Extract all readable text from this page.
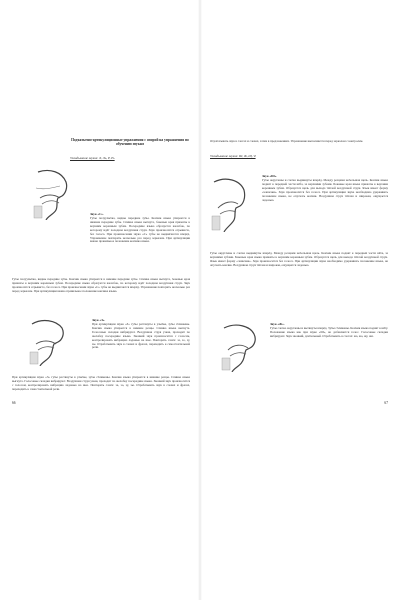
Подъязычно-артикуляционные упражнения с опорой на упражнения по обучению звукам
Укладывание звуков: Л, Ль, Р, Рь
Звук «С».
Губы полуулыбка, видны передние зубы. Кончик языка упирается в нижние передние зубы. Спинка языка выгнута, боковые края прижаты к верхним коренным зубам. Посередине языка образуется желобок, по которому идёт холодная воздушная струя. Звук произносится отрывисто, без голоса. При произнесении звука «С» губы не выдвигаются вперёд. Упражнение повторить несколько раз перед зеркалом. При артикуляции важно правильное положение кончика языка.
Губы полуулыбка, видны передние зубы. Кончик языка упирается в нижние передние зубы. Спинка языка выгнута, боковые края прижаты к верхним коренным зубам. Посередине языка образуется желобок, по которому идёт холодная воздушная струя. Звук произносится отрывисто, без голоса. При произнесении звука «С» губы не выдвигаются вперёд. Упражнение повторить несколько раз перед зеркалом. При артикуляции важно правильное положение кончика языка.
Звук «З».
При артикуляции звука «З» губы растянуты в улыбке, зубы сближены. Кончик языка упирается в нижние резцы. Спинка языка выгнута. Голосовые складки вибрируют. Воздушная струя узкая, проходит по желобку посередине языка. Звонкий звук произносится с голосом, контролировать вибрацию ладонью на шее. Повторять слоги: за, зо, зу, зы. Отрабатывать звук в словах и фразах, переходить к самостоятельной речи.
При артикуляции звука «З» губы растянуты в улыбке, зубы сближены. Кончик языка упирается в нижние резцы. Спинка языка выгнута. Голосовые складки вибрируют. Воздушная струя узкая, проходит по желобку посередине языка. Звонкий звук произносится с голосом, контролировать вибрацию ладонью на шее. Повторять слоги: за, зо, зу, зы. Отрабатывать звук в словах и фразах, переходить к самостоятельной речи.
66
Отрабатывать звук в слогах и словах, затем в предложениях. Упражнение выполняется перед зеркалом с контролем.
Укладывание звуков: Ш, Ж, Щ, Ч
Звук «Ш».
Губы округлены и слегка выдвинуты вперёд. Между резцами небольшая щель. Кончик языка поднят к передней части нёба, за верхними зубами. Боковые края языка прижаты к верхним коренным зубам. Образуется щель для выхода тёплой воздушной струи. Язык имеет форму «чашечки». Звук произносится без голоса. При артикуляции звука необходимо удерживать положение языка, не опускать кончик. Воздушная струя тёплая и широкая, ощущается ладонью.
Губы округлены и слегка выдвинуты вперёд. Между резцами небольшая щель. Кончик языка поднят к передней части нёба, за верхними зубами. Боковые края языка прижаты к верхним коренным зубам. Образуется щель для выхода тёплой воздушной струи. Язык имеет форму «чашечки». Звук произносится без голоса. При артикуляции звука необходимо удерживать положение языка, не опускать кончик. Воздушная струя тёплая и широкая, ощущается ладонью.
Звук «Ж».
Губы слегка округлены и вытянуты вперёд. Зубы сближены. Кончик языка поднят к нёбу. Положение языка как при звуке «Ш», но добавляется голос. Голосовые складки вибрируют. Звук звонкий, длительный. Отрабатывать в слогах: жа, жо, жу, жи.
67
